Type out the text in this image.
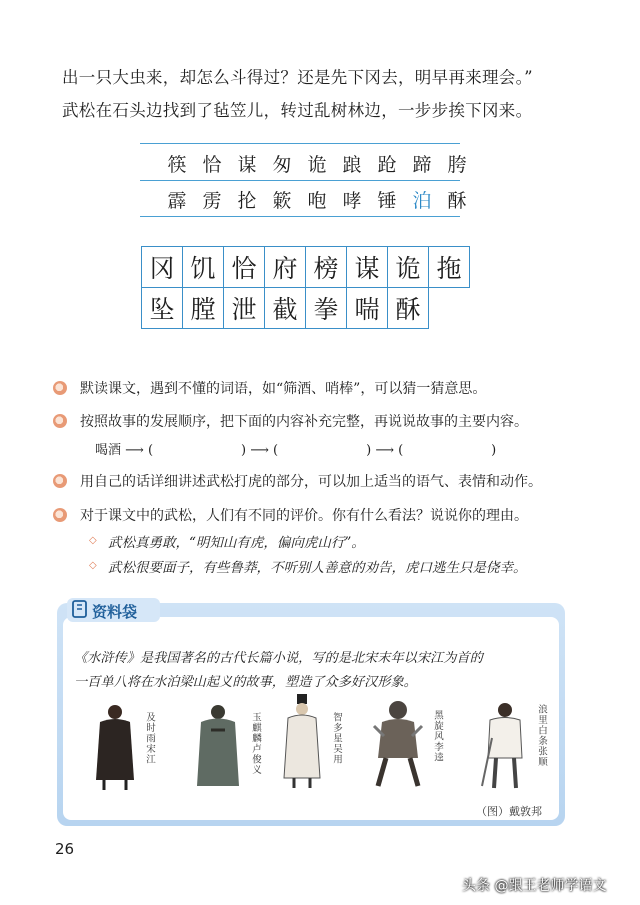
出一只大虫来，却怎么斗得过？还是先下冈去，明早再来理会。”
武松在石头边找到了毡笠儿，转过乱树林边，一步步挨下冈来。
筷 恰 谋 匆 诡 踉 跄 蹄 胯
霹 雳 抡 簌 咆 哮 锤 泊 酥
冈 饥 恰 府 榜 谋 诡 拖
坠 膛 泄 截 拳 喘 酥
默读课文，遇到不懂的词语，如“筛酒、哨棒”，可以猜一猜意思。
按照故事的发展顺序，把下面的内容补充完整，再说说故事的主要内容。
喝酒 ⟶ (	) ⟶ (	) ⟶ (	)
用自己的话详细讲述武松打虎的部分，可以加上适当的语气、表情和动作。
对于课文中的武松，人们有不同的评价。你有什么看法？说说你的理由。
◇ 武松真勇敢，“明知山有虎，偏向虎山行”。
◇ 武松很要面子，有些鲁莽，不听别人善意的劝告，虎口逃生只是侥幸。
资料袋
《水浒传》是我国著名的古代长篇小说，写的是北宋末年以宋江为首的
一百单八将在水泊梁山起义的故事，塑造了众多好汉形象。
及时雨宋江	玉麒麟卢俊义	智多星吴用	黑旋风李逵	浪里白条张顺
（图）戴敦邦
26
头条 @跟王老师学语文
